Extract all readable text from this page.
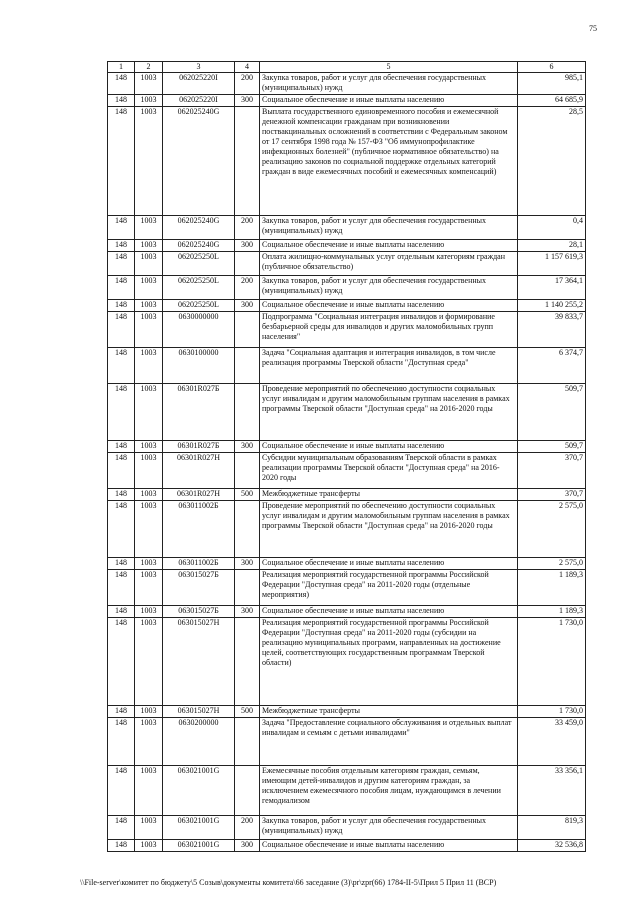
75
1	2	3	4	5	6
148	1003	062025220I	200	Закупка товаров, работ и услуг для обеспечения государственных (муниципальных) нужд	985,1
148	1003	062025220I	300	Социальное обеспечение и иные выплаты населению	64 685,9
148	1003	062025240G		Выплата государственного единовременного пособия и ежемесячной денежной компенсации гражданам при возникновении поствакцинальных осложнений в соответствии с Федеральным законом от 17 сентября 1998 года № 157-ФЗ "Об иммунопрофилактике инфекционных болезней" (публичное нормативное обязательство) на реализацию законов по социальной поддержке отдельных категорий граждан в виде ежемесячных пособий и ежемесячных компенсаций)	28,5
148	1003	062025240G	200	Закупка товаров, работ и услуг для обеспечения государственных (муниципальных) нужд	0,4
148	1003	062025240G	300	Социальное обеспечение и иные выплаты населению	28,1
148	1003	062025250L		Оплата жилищно-коммунальных услуг отдельным категориям граждан (публичное обязательство)	1 157 619,3
148	1003	062025250L	200	Закупка товаров, работ и услуг для обеспечения государственных (муниципальных) нужд	17 364,1
148	1003	062025250L	300	Социальное обеспечение и иные выплаты населению	1 140 255,2
148	1003	0630000000		Подпрограмма "Социальная интеграция инвалидов и формирование безбарьерной среды для инвалидов и других маломобильных групп населения"	39 833,7
148	1003	0630100000		Задача "Социальная адаптация и интеграция инвалидов, в том числе реализация программы Тверской области "Доступная среда"	6 374,7
148	1003	06301R027Б		Проведение мероприятий по обеспечению доступности социальных услуг инвалидам и другим маломобильным группам населения в рамках программы Тверской области "Доступная среда" на 2016-2020 годы	509,7
148	1003	06301R027Б	300	Социальное обеспечение и иные выплаты населению	509,7
148	1003	06301R027H		Субсидии муниципальным образованиям Тверской области в рамках реализации программы Тверской области "Доступная среда" на 2016-2020 годы	370,7
148	1003	06301R027H	500	Межбюджетные трансферты	370,7
148	1003	063011002Б		Проведение мероприятий по обеспечению доступности социальных услуг инвалидам и другим маломобильным группам населения в рамках программы Тверской области "Доступная среда" на 2016-2020 годы	2 575,0
148	1003	063011002Б	300	Социальное обеспечение и иные выплаты населению	2 575,0
148	1003	063015027Б		Реализация мероприятий государственной программы Российской Федерации "Доступная среда" на 2011-2020 годы (отдельные мероприятия)	1 189,3
148	1003	063015027Б	300	Социальное обеспечение и иные выплаты населению	1 189,3
148	1003	063015027H		Реализация мероприятий государственной программы Российской Федерации "Доступная среда" на 2011-2020 годы (субсидии на реализацию муниципальных программ, направленных на достижение целей, соответствующих государственным программам Тверской области)	1 730,0
148	1003	063015027H	500	Межбюджетные трансферты	1 730,0
148	1003	0630200000		Задача "Предоставление социального обслуживания и отдельных выплат инвалидам и семьям с детьми инвалидами"	33 459,0
148	1003	063021001G		Ежемесячные пособия отдельным категориям граждан, семьям, имеющим детей-инвалидов и другим категориям граждан, за исключением ежемесячного пособия лицам, нуждающимся в лечении гемодиализом	33 356,1
148	1003	063021001G	200	Закупка товаров, работ и услуг для обеспечения государственных (муниципальных) нужд	819,3
148	1003	063021001G	300	Социальное обеспечение и иные выплаты населению	32 536,8
\\File-server\комитет по бюджету\5 Созыв\документы комитета\66 заседание (3)\pr\zpr(66) 1784-II-5\Прил 5 Прил 11 (ВСР)
